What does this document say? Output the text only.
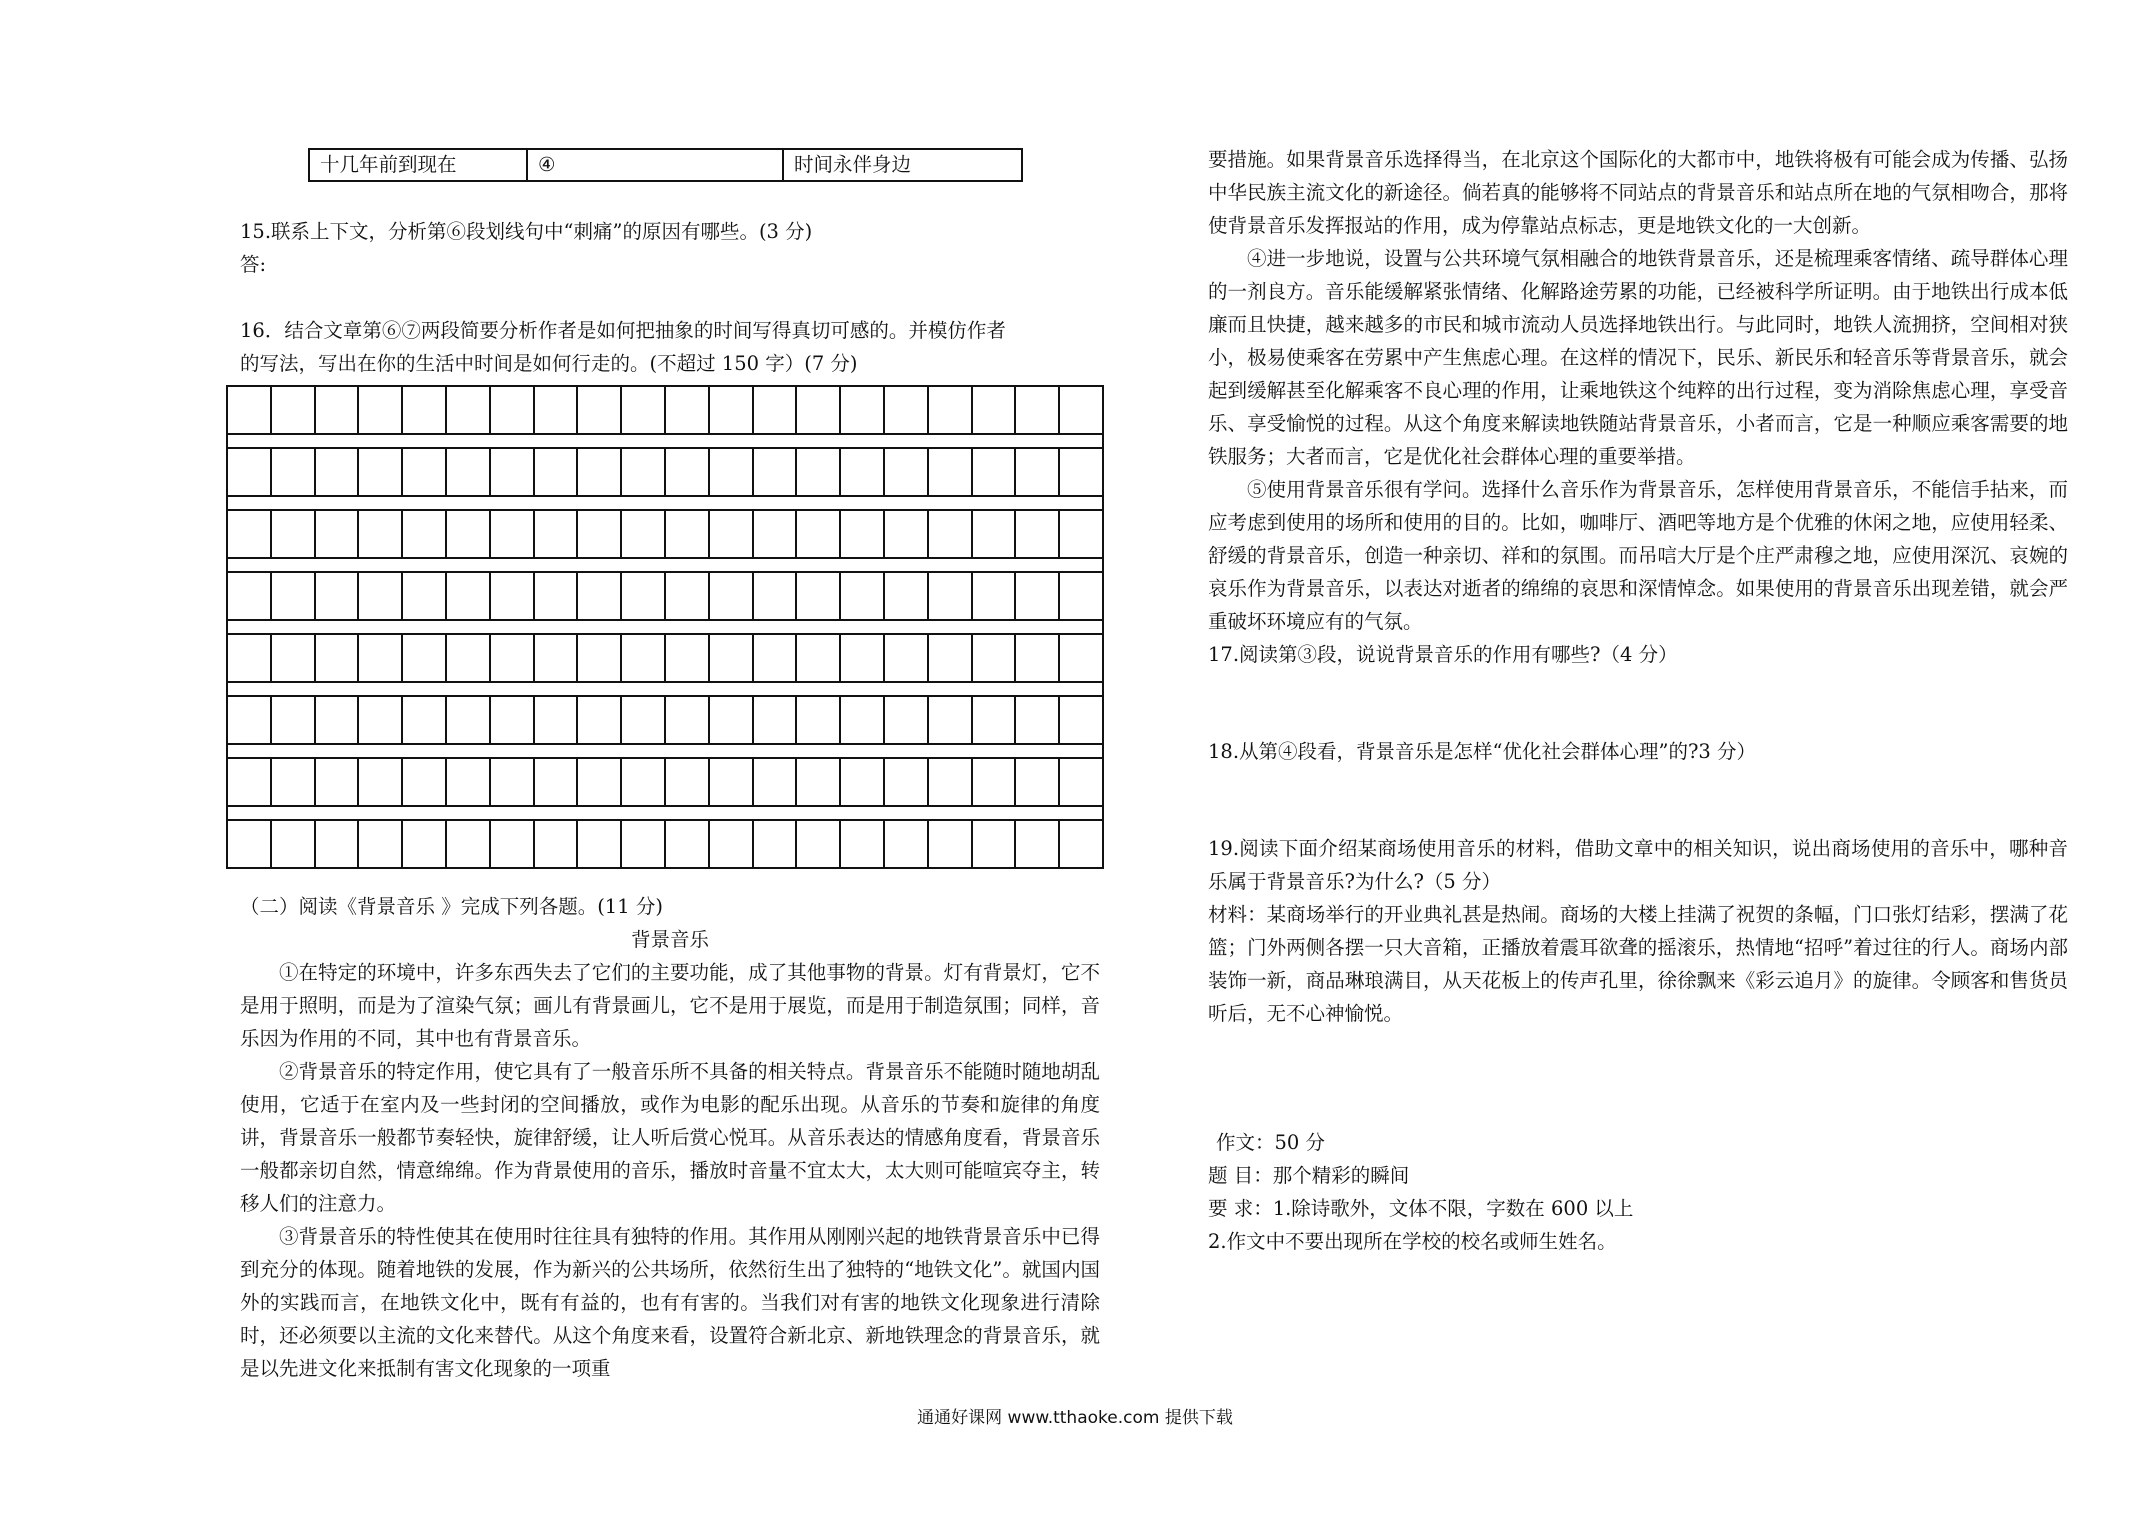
十几年前到现在	④	时间永伴身边

15.联系上下文，分析第⑥段划线句中“刺痛”的原因有哪些。(3 分)

答:

16．结合文章第⑥⑦两段简要分析作者是如何把抽象的时间写得真切可感的。并模仿作者

的写法，写出在你的生活中时间是如何行走的。(不超过 150 字）(7 分)

（二）阅读《背景音乐 》完成下列各题。(11 分)

背景音乐

①在特定的环境中，许多东西失去了它们的主要功能，成了其他事物的背景。灯有背景灯，它不是用于照明，而是为了渲染气氛；画儿有背景画儿，它不是用于展览，而是用于制造氛围；同样，音乐因为作用的不同，其中也有背景音乐。

②背景音乐的特定作用，使它具有了一般音乐所不具备的相关特点。背景音乐不能随时随地胡乱使用，它适于在室内及一些封闭的空间播放，或作为电影的配乐出现。从音乐的节奏和旋律的角度讲，背景音乐一般都节奏轻快，旋律舒缓，让人听后赏心悦耳。从音乐表达的情感角度看，背景音乐一般都亲切自然，情意绵绵。作为背景使用的音乐，播放时音量不宜太大，太大则可能喧宾夺主，转移人们的注意力。

③背景音乐的特性使其在使用时往往具有独特的作用。其作用从刚刚兴起的地铁背景音乐中已得到充分的体现。随着地铁的发展，作为新兴的公共场所，依然衍生出了独特的“地铁文化”。就国内国外的实践而言，在地铁文化中，既有有益的，也有有害的。当我们对有害的地铁文化现象进行清除时，还必须要以主流的文化来替代。从这个角度来看，设置符合新北京、新地铁理念的背景音乐，就是以先进文化来抵制有害文化现象的一项重

要措施。如果背景音乐选择得当，在北京这个国际化的大都市中，地铁将极有可能会成为传播、弘扬中华民族主流文化的新途径。倘若真的能够将不同站点的背景音乐和站点所在地的气氛相吻合，那将使背景音乐发挥报站的作用，成为停靠站点标志，更是地铁文化的一大创新。

④进一步地说，设置与公共环境气氛相融合的地铁背景音乐，还是梳理乘客情绪、疏导群体心理的一剂良方。音乐能缓解紧张情绪、化解路途劳累的功能，已经被科学所证明。由于地铁出行成本低廉而且快捷，越来越多的市民和城市流动人员选择地铁出行。与此同时，地铁人流拥挤，空间相对狭小，极易使乘客在劳累中产生焦虑心理。在这样的情况下，民乐、新民乐和轻音乐等背景音乐，就会起到缓解甚至化解乘客不良心理的作用，让乘地铁这个纯粹的出行过程，变为消除焦虑心理，享受音乐、享受愉悦的过程。从这个角度来解读地铁随站背景音乐，小者而言，它是一种顺应乘客需要的地铁服务；大者而言，它是优化社会群体心理的重要举措。

⑤使用背景音乐很有学问。选择什么音乐作为背景音乐，怎样使用背景音乐，不能信手拈来，而应考虑到使用的场所和使用的目的。比如，咖啡厅、酒吧等地方是个优雅的休闲之地，应使用轻柔、舒缓的背景音乐，创造一种亲切、祥和的氛围。而吊唁大厅是个庄严肃穆之地，应使用深沉、哀婉的哀乐作为背景音乐，以表达对逝者的绵绵的哀思和深情悼念。如果使用的背景音乐出现差错，就会严重破坏环境应有的气氛。

17.阅读第③段，说说背景音乐的作用有哪些?（4 分）

18.从第④段看，背景音乐是怎样“优化社会群体心理”的?3 分）

19.阅读下面介绍某商场使用音乐的材料，借助文章中的相关知识，说出商场使用的音乐中，哪种音乐属于背景音乐?为什么?（5 分）

材料：某商场举行的开业典礼甚是热闹。商场的大楼上挂满了祝贺的条幅，门口张灯结彩，摆满了花篮；门外两侧各摆一只大音箱，正播放着震耳欲聋的摇滚乐，热情地“招呼”着过往的行人。商场内部装饰一新，商品琳琅满目，从天花板上的传声孔里，徐徐飘来《彩云追月》的旋律。令顾客和售货员听后，无不心神愉悦。

作文：50 分

题 目：那个精彩的瞬间

要 求：1.除诗歌外，文体不限，字数在 600 以上

2.作文中不要出现所在学校的校名或师生姓名。

通通好课网 www.tthaoke.com 提供下载
